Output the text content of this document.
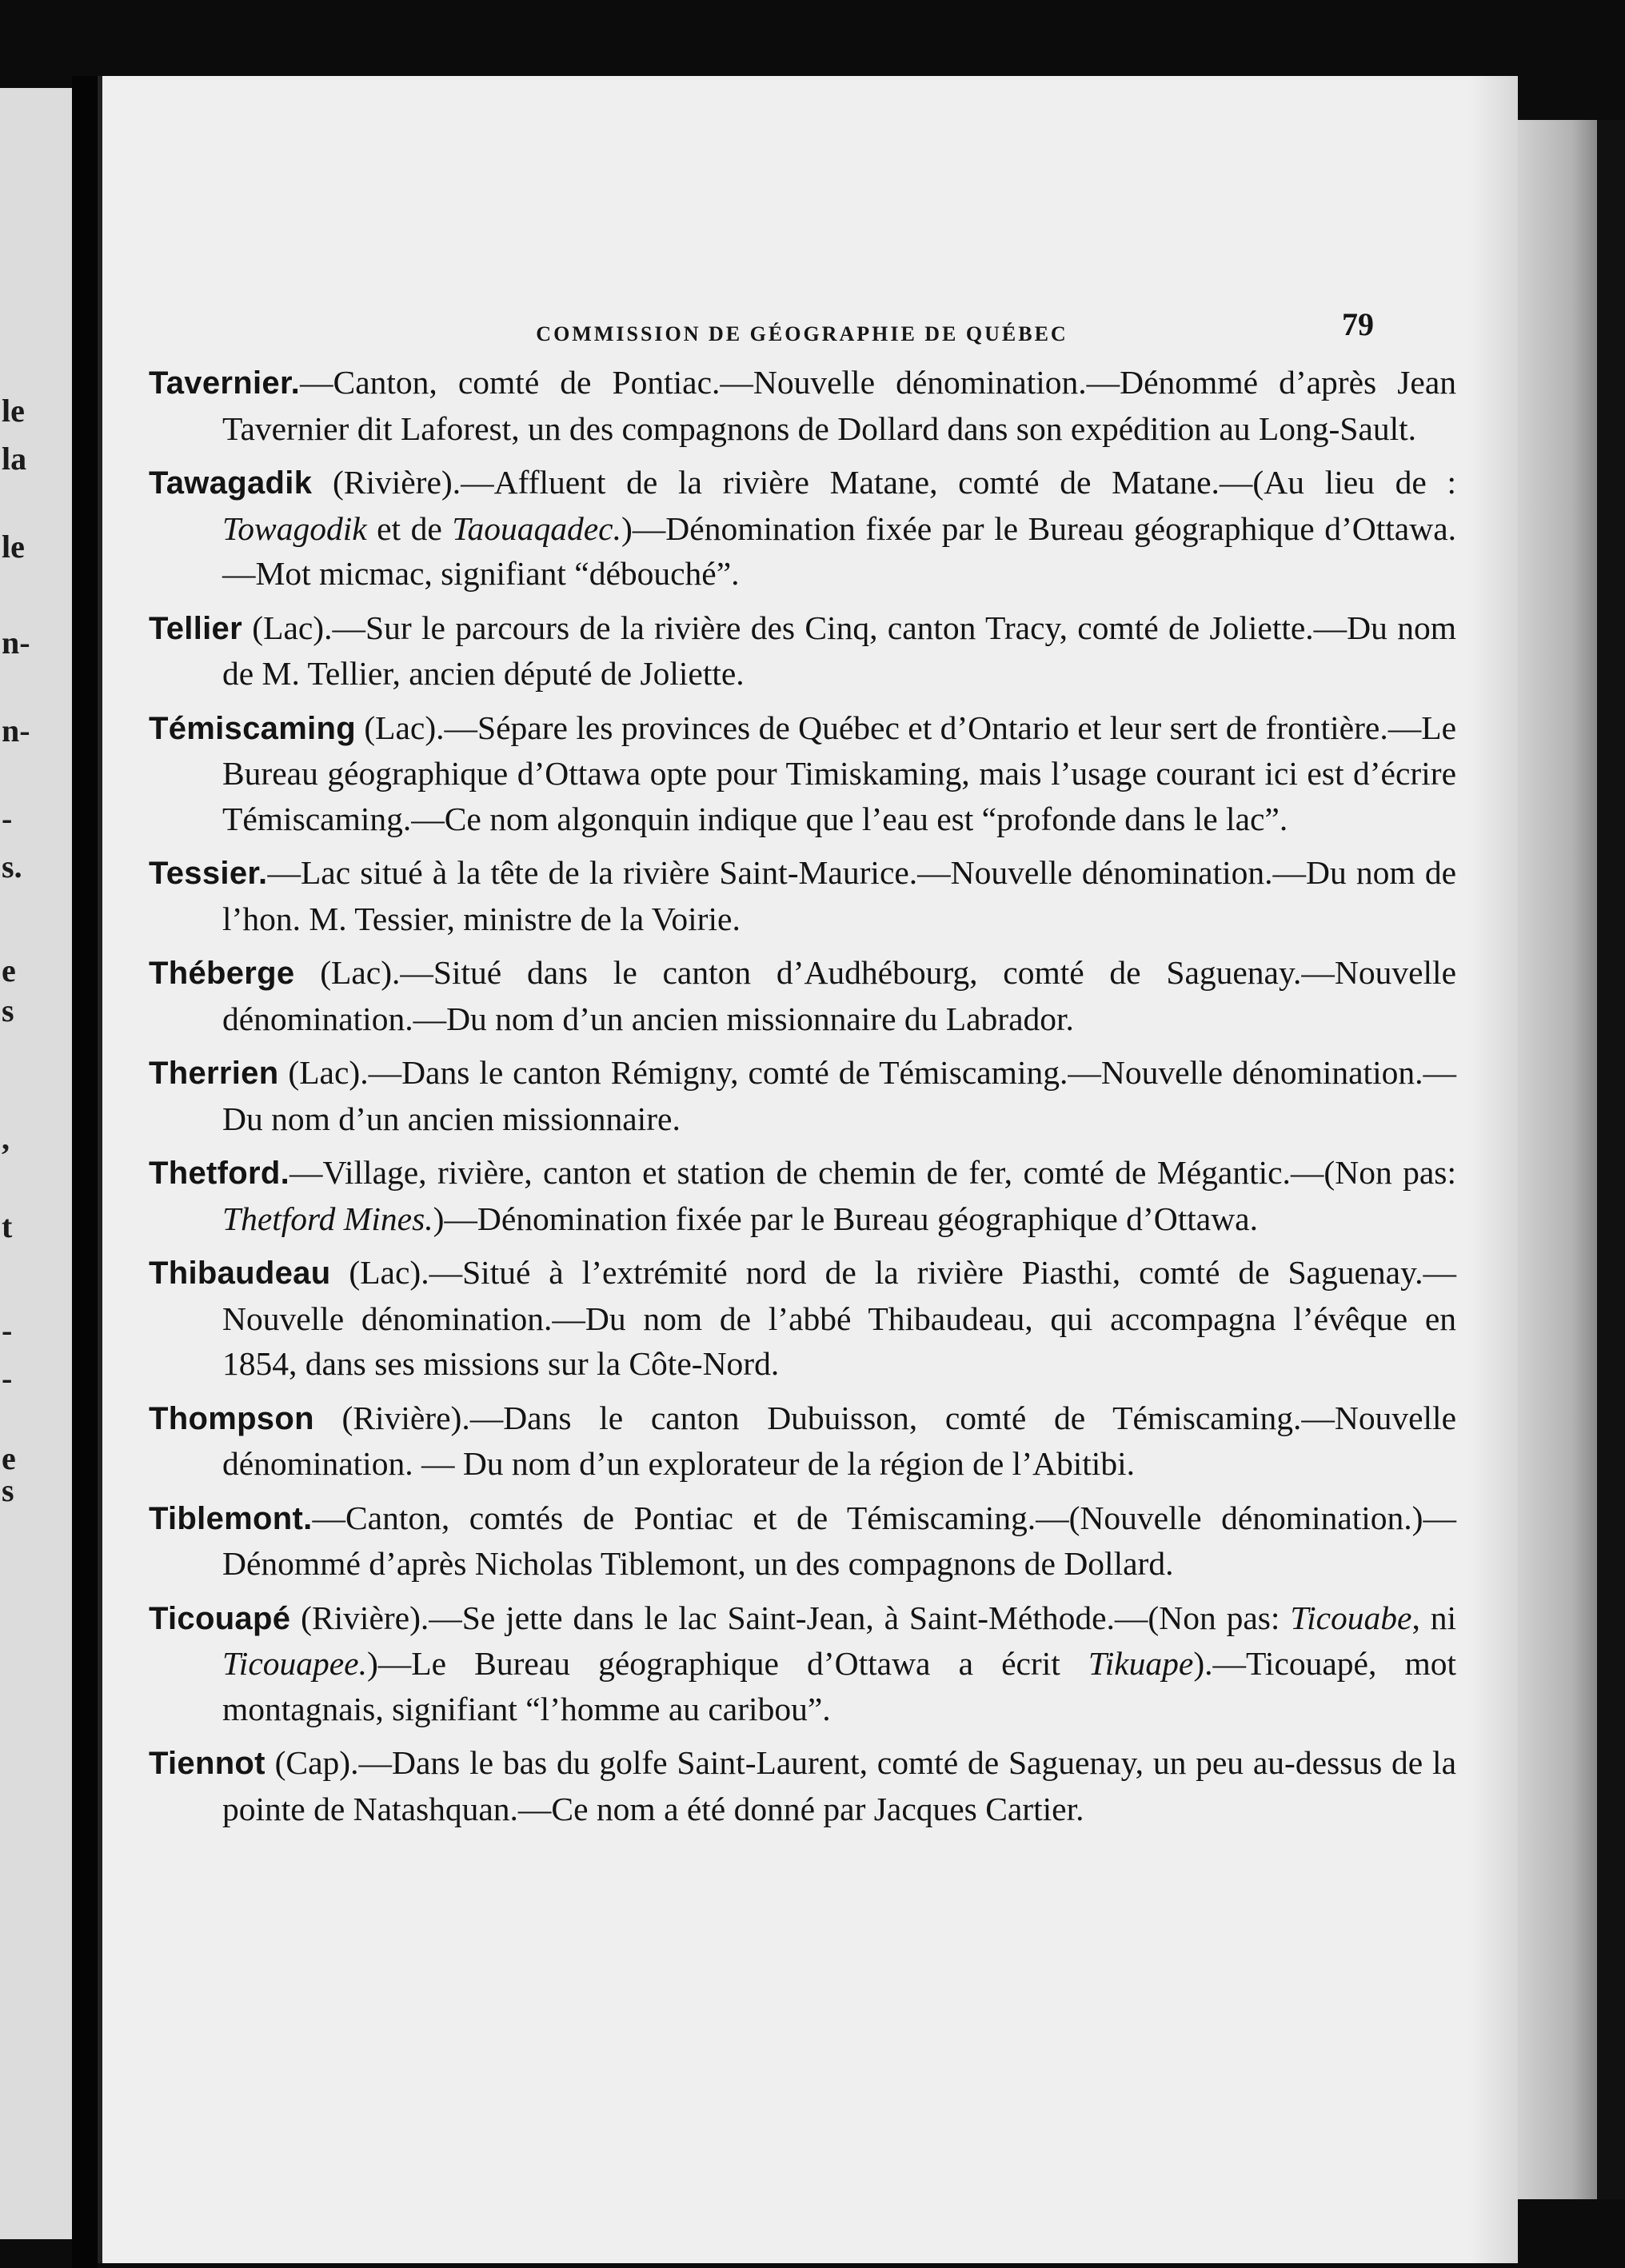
le
la
le
n-
n-
-
s.
e
s
,
t
-
-
e
s
COMMISSION DE GÉOGRAPHIE DE QUÉBEC	79

Tavernier.—Canton, comté de Pontiac.—Nouvelle dénomination.—Dénommé d’après Jean Tavernier dit Laforest, un des compagnons de Dollard dans son expédition au Long-Sault.

Tawagadik (Rivière).—Affluent de la rivière Matane, comté de Matane.—(Au lieu de : Towagodik et de Taouaqadec.)—Dénomination fixée par le Bureau géographique d’Ottawa.—Mot micmac, signifiant “débouché”.

Tellier (Lac).—Sur le parcours de la rivière des Cinq, canton Tracy, comté de Joliette.—Du nom de M. Tellier, ancien député de Joliette.

Témiscaming (Lac).—Sépare les provinces de Québec et d’Ontario et leur sert de frontière.—Le Bureau géographique d’Ottawa opte pour Timiskaming, mais l’usage courant ici est d’écrire Témiscaming.—Ce nom algonquin indique que l’eau est “profonde dans le lac”.

Tessier.—Lac situé à la tête de la rivière Saint-Maurice.—Nouvelle dénomination.—Du nom de l’hon. M. Tessier, ministre de la Voirie.

Théberge (Lac).—Situé dans le canton d’Audhébourg, comté de Saguenay.—Nouvelle dénomination.—Du nom d’un ancien missionnaire du Labrador.

Therrien (Lac).—Dans le canton Rémigny, comté de Témiscaming.—Nouvelle dénomination.—Du nom d’un ancien missionnaire.

Thetford.—Village, rivière, canton et station de chemin de fer, comté de Mégantic.—(Non pas: Thetford Mines.)—Dénomination fixée par le Bureau géographique d’Ottawa.

Thibaudeau (Lac).—Situé à l’extrémité nord de la rivière Piasthi, comté de Saguenay.—Nouvelle dénomination.—Du nom de l’abbé Thibaudeau, qui accompagna l’évêque en 1854, dans ses missions sur la Côte-Nord.

Thompson (Rivière).—Dans le canton Dubuisson, comté de Témiscaming.—Nouvelle dénomination. — Du nom d’un explorateur de la région de l’Abitibi.

Tiblemont.—Canton, comtés de Pontiac et de Témiscaming.—(Nouvelle dénomination.)—Dénommé d’après Nicholas Tiblemont, un des compagnons de Dollard.

Ticouapé (Rivière).—Se jette dans le lac Saint-Jean, à Saint-Méthode.—(Non pas: Ticouabe, ni Ticouapee.)—Le Bureau géographique d’Ottawa a écrit Tikuape).—Ticouapé, mot montagnais, signifiant “l’homme au caribou”.

Tiennot (Cap).—Dans le bas du golfe Saint-Laurent, comté de Saguenay, un peu au-dessus de la pointe de Natashquan.—Ce nom a été donné par Jacques Cartier.
